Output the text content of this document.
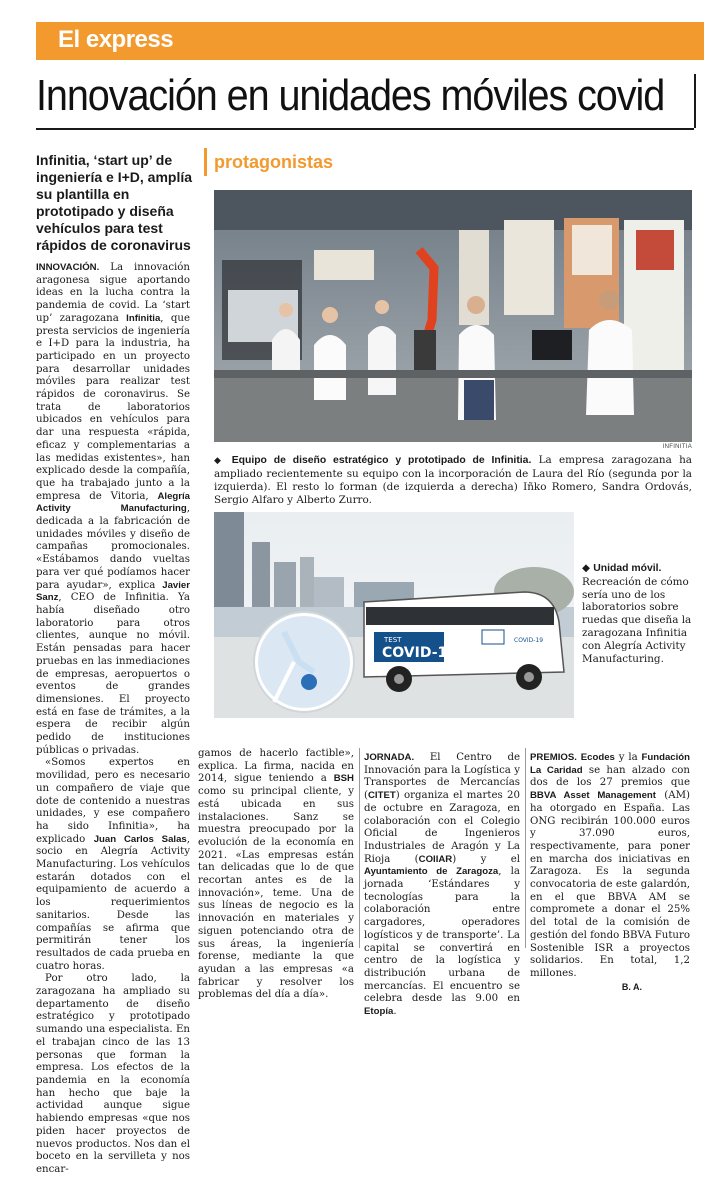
El express
Innovación en unidades móviles covid
Infinitia, ‘start up’ de ingeniería e I+D, amplía su plantilla en prototipado y diseña vehículos para test rápidos de coronavirus

INNOVACIÓN. La innovación aragonesa sigue aportando ideas en la lucha contra la pandemia de covid. La ‘start up’ zaragozana Infinitia, que presta servicios de ingeniería e I+D para la industria, ha participado en un proyecto para desarrollar unidades móviles para realizar test rápidos de coronavirus. Se trata de laboratorios ubicados en vehículos para dar una respuesta «rápida, eficaz y complementarias a las medidas existentes», han explicado desde la compañía, que ha trabajado junto a la empresa de Vitoria, Alegría Activity Manufacturing, dedicada a la fabricación de unidades móviles y diseño de campañas promocionales. «Estábamos dando vueltas para ver qué podíamos hacer para ayudar», explica Javier Sanz, CEO de Infinitia. Ya había diseñado otro laboratorio para otros clientes, aunque no móvil. Están pensadas para hacer pruebas en las inmediaciones de empresas, aeropuertos o eventos de grandes dimensiones. El proyecto está en fase de trámites, a la espera de recibir algún pedido de instituciones públicas o privadas.

«Somos expertos en movilidad, pero es necesario un compañero de viaje que dote de contenido a nuestras unidades, y ese compañero ha sido Infinitia», ha explicado Juan Carlos Salas, socio en Alegría Activity Manufacturing. Los vehículos estarán dotados con el equipamiento de acuerdo a los requerimientos sanitarios. Desde las compañías se afirma que permitirán tener los resultados de cada prueba en cuatro horas.

Por otro lado, la zaragozana ha ampliado su departamento de diseño estratégico y prototipado sumando una especialista. En el trabajan cinco de las 13 personas que forman la empresa. Los efectos de la pandemia en la economía han hecho que baje la actividad aunque sigue habiendo empresas «que nos piden hacer proyectos de nuevos productos. Nos dan el boceto en la servilleta y nos encar-

protagonistas
INFINITIA
◆ Equipo de diseño estratégico y prototipado de Infinitia. La empresa zaragozana ha ampliado recientemente su equipo con la incorporación de Laura del Río (segunda por la izquierda). El resto lo forman (de izquierda a derecha) Iñko Romero, Sandra Ordovás, Sergio Alfaro y Alberto Zurro.
COVID-19
TEST	COVID-19
◆ Unidad móvil. Recreación de cómo sería uno de los laboratorios sobre ruedas que diseña la zaragozana Infinitia con Alegría Activity Manufacturing.

gamos de hacerlo factible», explica. La firma, nacida en 2014, sigue teniendo a BSH como su principal cliente, y está ubicada en sus instalaciones. Sanz se muestra preocupado por la evolución de la economía en 2021. «Las empresas están tan delicadas que lo de que recortan antes es de la innovación», teme. Una de sus líneas de negocio es la innovación en materiales y siguen potenciando otra de sus áreas, la ingeniería forense, mediante la que ayudan a las empresas «a fabricar y resolver los problemas del día a día».

JORNADA. El Centro de Innovación para la Logística y Transportes de Mercancías (CITET) organiza el martes 20 de octubre en Zaragoza, en colaboración con el Colegio Oficial de Ingenieros Industriales de Aragón y La Rioja (COIIAR) y el Ayuntamiento de Zaragoza, la jornada ‘Estándares y tecnologías para la colaboración entre cargadores, operadores logísticos y de transporte’. La capital se convertirá en centro de la logística y distribución urbana de mercancías. El encuentro se celebra desde las 9.00 en Etopía.

PREMIOS. Ecodes y la Fundación La Caridad se han alzado con dos de los 27 premios que BBVA Asset Management (AM) ha otorgado en España. Las ONG recibirán 100.000 euros y 37.090 euros, respectivamente, para poner en marcha dos iniciativas en Zaragoza. Es la segunda convocatoria de este galardón, en el que BBVA AM se compromete a donar el 25% del total de la comisión de gestión del fondo BBVA Futuro Sostenible ISR a proyectos solidarios. En total, 1,2 millones.

B. A.
